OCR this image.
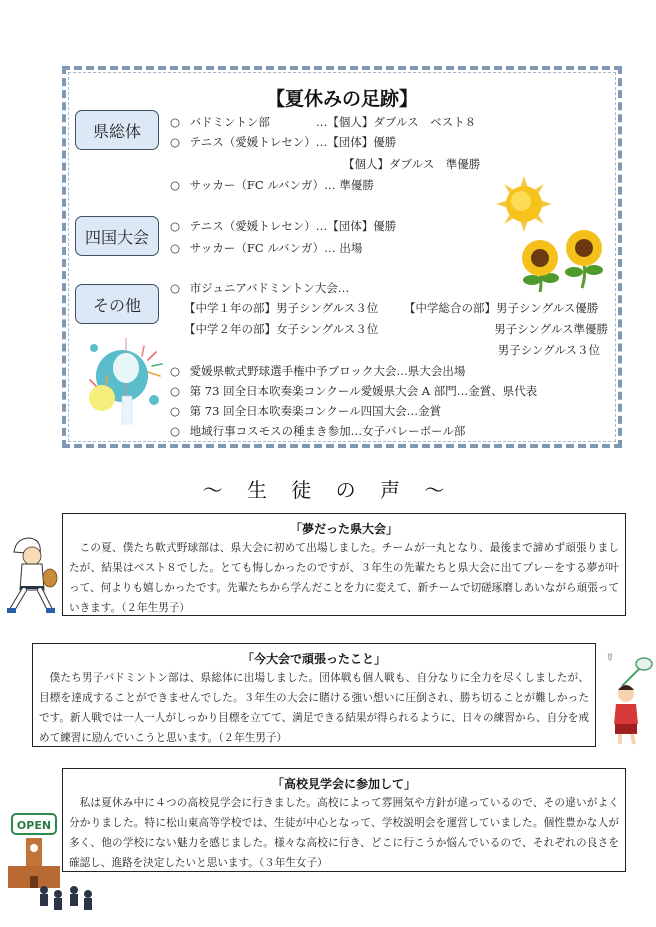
【夏休みの足跡】
県総体
四国大会
その他
○ バドミントン部　　　　…【個人】ダブルス　ベスト８
○ テニス（愛媛トレセン）…【団体】優勝
【個人】ダブルス　準優勝
○ サッカー（FC ルバンガ）… 準優勝
○ テニス（愛媛トレセン）…【団体】優勝
○ サッカー（FC ルバンガ）… 出場
○ 市ジュニアバドミントン大会…
【中学１年の部】男子シングルス３位 【中学総合の部】男子シングルス優勝
【中学２年の部】女子シングルス３位	男子シングルス準優勝
男子シングルス３位
○ 愛媛県軟式野球選手権中予ブロック大会…県大会出場
○ 第 73 回全日本吹奏楽コンクール愛媛県大会 A 部門…金賞、県代表
○ 第 73 回全日本吹奏楽コンクール四国大会…金賞
○ 地域行事コスモスの種まき参加…女子バレーボール部
～ 生 徒 の 声 ～
「夢だった県大会」
この夏、僕たち軟式野球部は、県大会に初めて出場しました。チームが一丸となり、最後まで諦めず頑張りましたが、結果はベスト８でした。とても悔しかったのですが、３年生の先輩たちと県大会に出てプレーをする夢が叶って、何よりも嬉しかったです。先輩たちから学んだことを力に変えて、新チームで切磋琢磨しあいながら頑張っていきます。（２年生男子）
「今大会で頑張ったこと」
僕たち男子バドミントン部は、県総体に出場しました。団体戦も個人戦も、自分なりに全力を尽くしましたが、目標を達成することができませんでした。３年生の大会に賭ける強い想いに圧倒され、勝ち切ることが難しかったです。新人戦では一人一人がしっかり目標を立てて、満足できる結果が得られるように、日々の練習から、自分を戒めて練習に励んでいこうと思います。（２年生男子）
「高校見学会に参加して」
私は夏休み中に４つの高校見学会に行きました。高校によって雰囲気や方針が違っているので、その違いがよく分かりました。特に松山東高等学校では、生徒が中心となって、学校説明会を運営していました。個性豊かな人が多く、他の学校にない魅力を感じました。様々な高校に行き、どこに行こうか悩んでいるので、それぞれの良さを確認し、進路を決定したいと思います。（３年生女子）
OPEN
